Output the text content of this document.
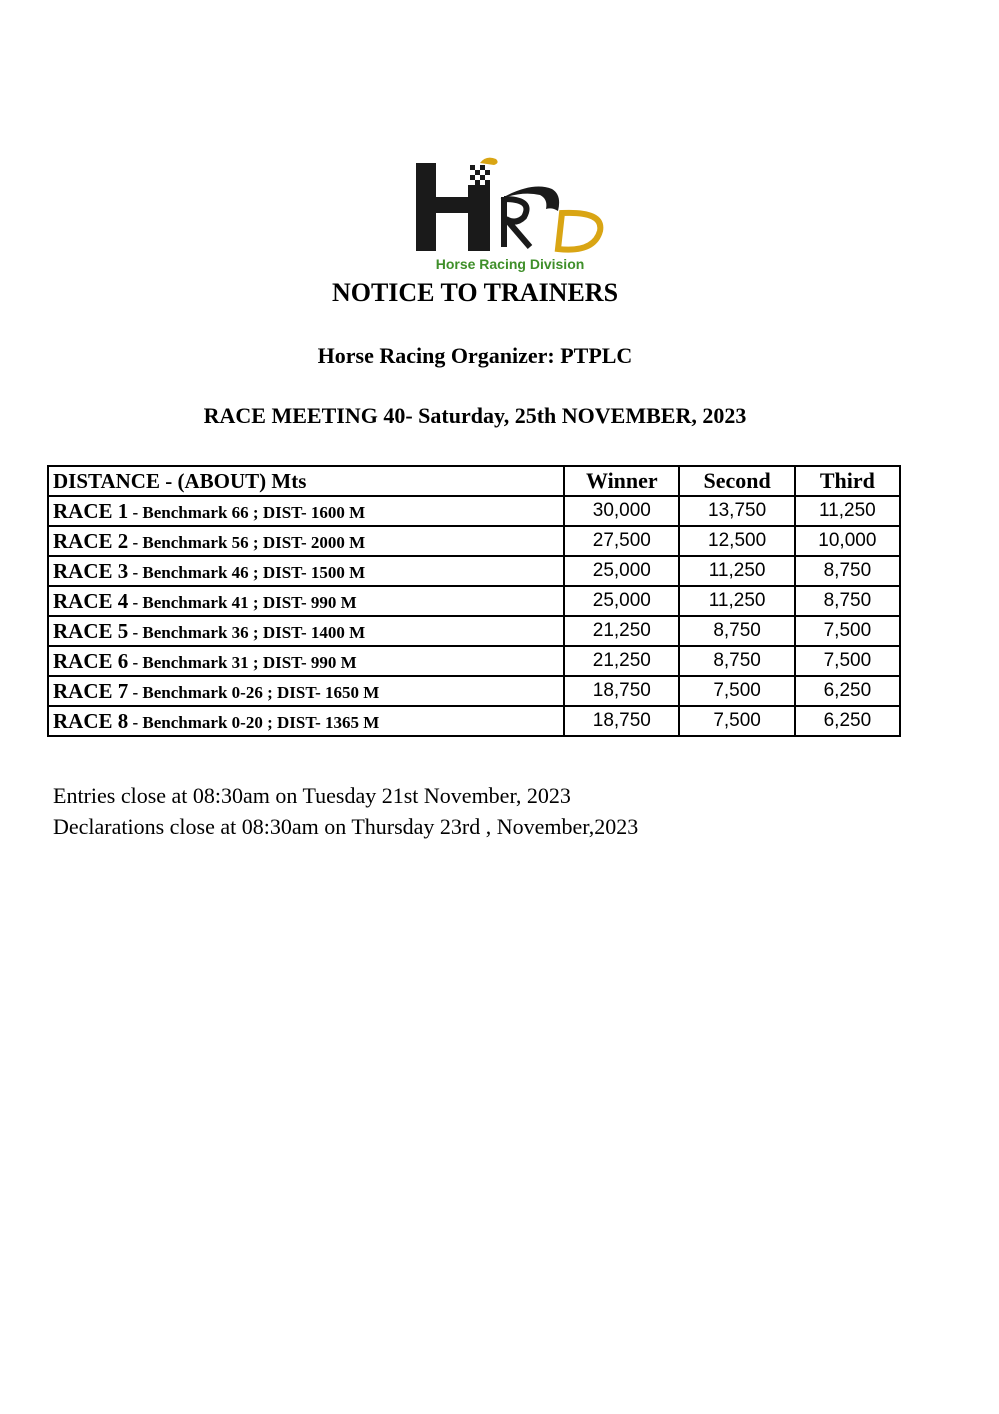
Horse Racing Division
NOTICE TO TRAINERS
Horse Racing Organizer: PTPLC
RACE MEETING 40- Saturday, 25th NOVEMBER, 2023
DISTANCE - (ABOUT) Mts	Winner	Second	Third
RACE 1 - Benchmark 66 ; DIST- 1600 M	30,000	13,750	11,250
RACE 2 - Benchmark 56 ; DIST- 2000 M	27,500	12,500	10,000
RACE 3 - Benchmark 46 ; DIST- 1500 M	25,000	11,250	8,750
RACE 4 - Benchmark 41 ; DIST- 990 M	25,000	11,250	8,750
RACE 5 - Benchmark 36 ; DIST- 1400 M	21,250	8,750	7,500
RACE 6 - Benchmark 31 ; DIST- 990 M	21,250	8,750	7,500
RACE 7 - Benchmark 0-26 ; DIST- 1650 M	18,750	7,500	6,250
RACE 8 - Benchmark 0-20 ; DIST- 1365 M	18,750	7,500	6,250
Entries close at 08:30am on Tuesday 21st November, 2023
Declarations close at 08:30am on Thursday 23rd , November,2023
